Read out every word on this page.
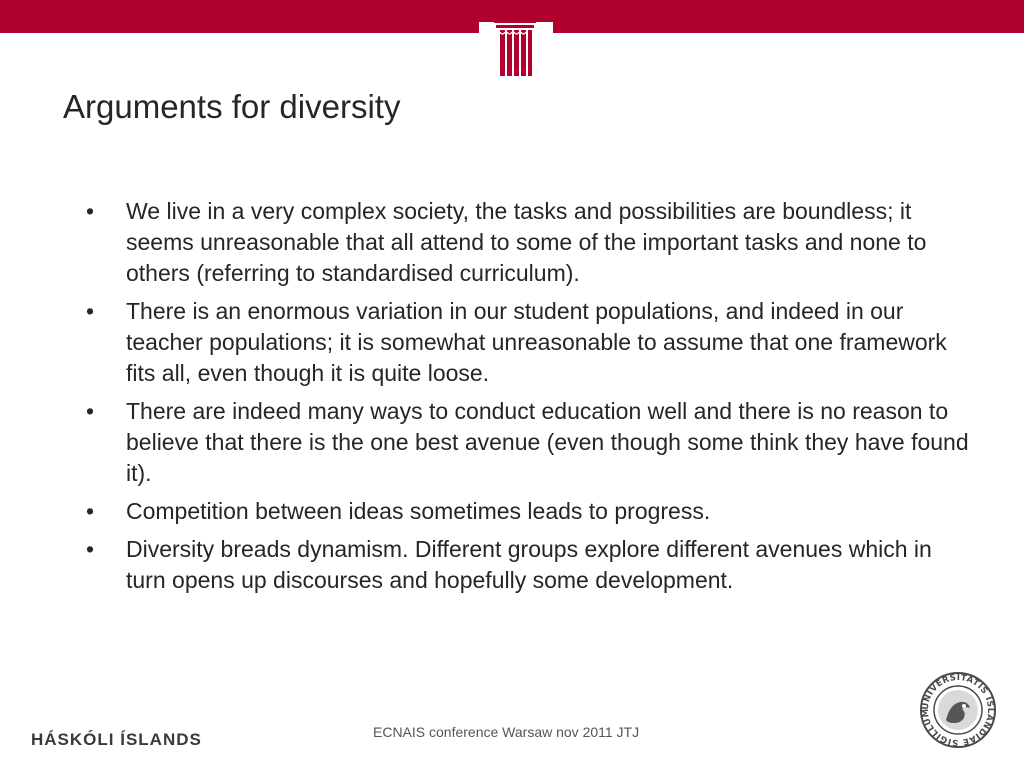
Arguments for diversity
•	We live in a very complex society, the tasks and possibilities are boundless; it seems unreasonable that all attend to some of the important tasks and none to others (referring to standardised curriculum).
•	There is an enormous variation in our student populations, and indeed in our teacher populations; it is somewhat unreasonable to assume that one framework fits all, even though it is quite loose.
•	There are indeed many ways to conduct education well and there is no reason to believe that there is the one best avenue (even though some think they have found it).
•	Competition between ideas sometimes leads to progress.
•	Diversity breads dynamism. Different groups explore different avenues which in turn opens up discourses and hopefully some development.
HÁSKÓLI ÍSLANDS	ECNAIS conference Warsaw nov 2011 JTJ
UNIVERSITATIS ISLANDIAE SIGILLUM
